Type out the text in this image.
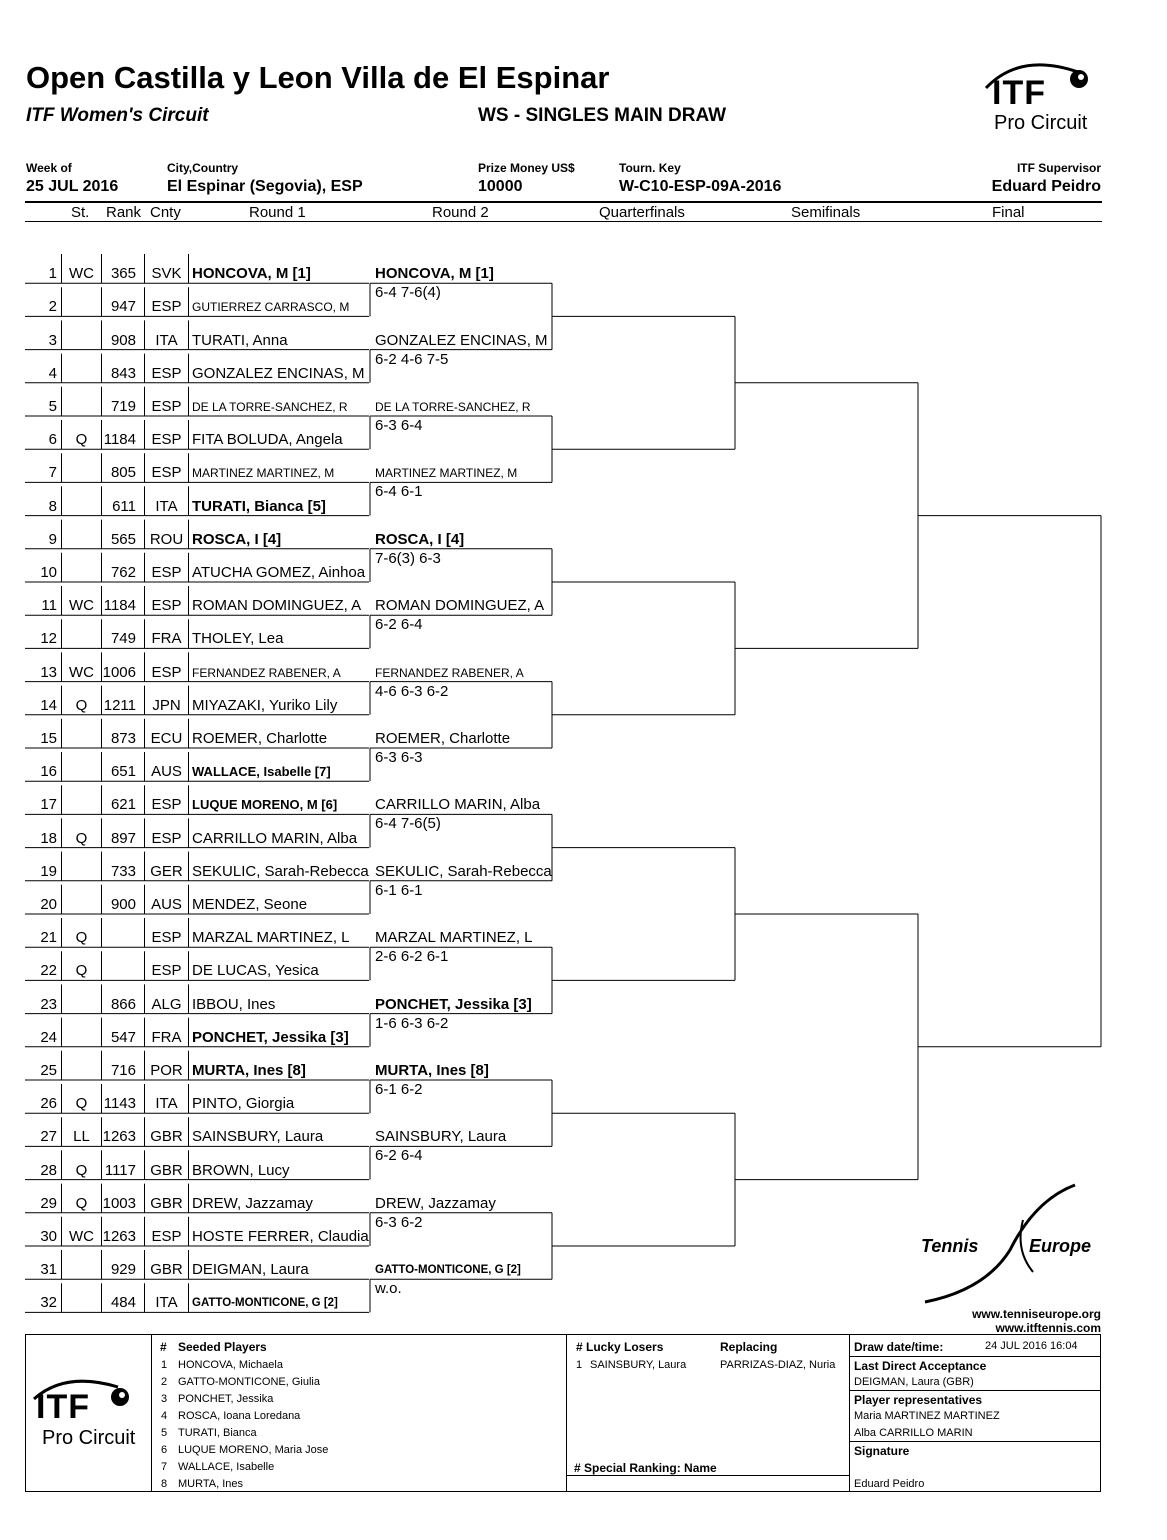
Open Castilla y Leon Villa de El Espinar
ITF Women's Circuit	WS - SINGLES MAIN DRAW
ITF
Pro Circuit
Week of
25 JUL 2016
City,Country
El Espinar (Segovia), ESP
Prize Money US$
10000
Tourn. Key
W-C10-ESP-09A-2016
ITF Supervisor
Eduard Peidro
St. Rank Cnty	Round 1	Round 2	Quarterfinals	Semifinals	Final
1 WC	365	SVK HONCOVA, M [1]
2	947	ESP GUTIERREZ CARRASCO, M
3	908	ITA TURATI, Anna
4	843	ESP GONZALEZ ENCINAS, M
5	719	ESP DE LA TORRE-SANCHEZ, R
6	Q	1184	ESP FITA BOLUDA, Angela
7	805	ESP MARTINEZ MARTINEZ, M
8	611	ITA TURATI, Bianca [5]
9	565 ROU ROSCA, I [4]
10	762	ESP ATUCHA GOMEZ, Ainhoa
11 WC 1184	ESP ROMAN DOMINGUEZ, A
12	749	FRA THOLEY, Lea
13 WC 1006	ESP FERNANDEZ RABENER, A
14	Q	1211	JPN MIYAZAKI, Yuriko Lily
15	873 ECU ROEMER, Charlotte
16	651	AUS WALLACE, Isabelle [7]
17	621	ESP LUQUE MORENO, M [6]
18	Q	897	ESP CARRILLO MARIN, Alba
19	733 GER SEKULIC, Sarah-Rebecca
20	900	AUS MENDEZ, Seone
21	Q	ESP MARZAL MARTINEZ, L
22	Q	ESP DE LUCAS, Yesica
23	866	ALG IBBOU, Ines
24	547	FRA PONCHET, Jessika [3]
25	716 POR MURTA, Ines [8]
26	Q	1143	ITA PINTO, Giorgia
27	LL 1263 GBR SAINSBURY, Laura
28	Q	1117 GBR BROWN, Lucy
29	Q	1003 GBR DREW, Jazzamay
30 WC 1263	ESP HOSTE FERRER, Claudia
31	929 GBR DEIGMAN, Laura
32	484	ITA	GATTO-MONTICONE, G [2]
HONCOVA, M [1]
6-4 7-6(4)
GONZALEZ ENCINAS, M
6-2 4-6 7-5
DE LA TORRE-SANCHEZ, R
6-3 6-4
MARTINEZ MARTINEZ, M
6-4 6-1
ROSCA, I [4]
7-6(3) 6-3
ROMAN DOMINGUEZ, A
6-2 6-4
FERNANDEZ RABENER, A
4-6 6-3 6-2
ROEMER, Charlotte
6-3 6-3
CARRILLO MARIN, Alba
6-4 7-6(5)
SEKULIC, Sarah-Rebecca
6-1 6-1
MARZAL MARTINEZ, L
2-6 6-2 6-1
PONCHET, Jessika [3]
1-6 6-3 6-2
MURTA, Ines [8]
6-1 6-2
SAINSBURY, Laura
6-2 6-4
DREW, Jazzamay
6-3 6-2
GATTO-MONTICONE, G [2]
w.o.
Tennis	Europe
www.tenniseurope.org
www.itftennis.com
ITF
Pro Circuit
# Seeded Players
1 HONCOVA, Michaela
2 GATTO-MONTICONE, Giulia
3 PONCHET, Jessika
4 ROSCA, Ioana Loredana
5 TURATI, Bianca
6 LUQUE MORENO, Maria Jose
7 WALLACE, Isabelle
8 MURTA, Ines
# Lucky Losers	Replacing
1 SAINSBURY, Laura	PARRIZAS-DIAZ, Nuria
# Special Ranking: Name
Draw date/time:	24 JUL 2016 16:04
Last Direct Acceptance
DEIGMAN, Laura (GBR)
Player representatives
Maria MARTINEZ MARTINEZ
Alba CARRILLO MARIN
Signature
Eduard Peidro
